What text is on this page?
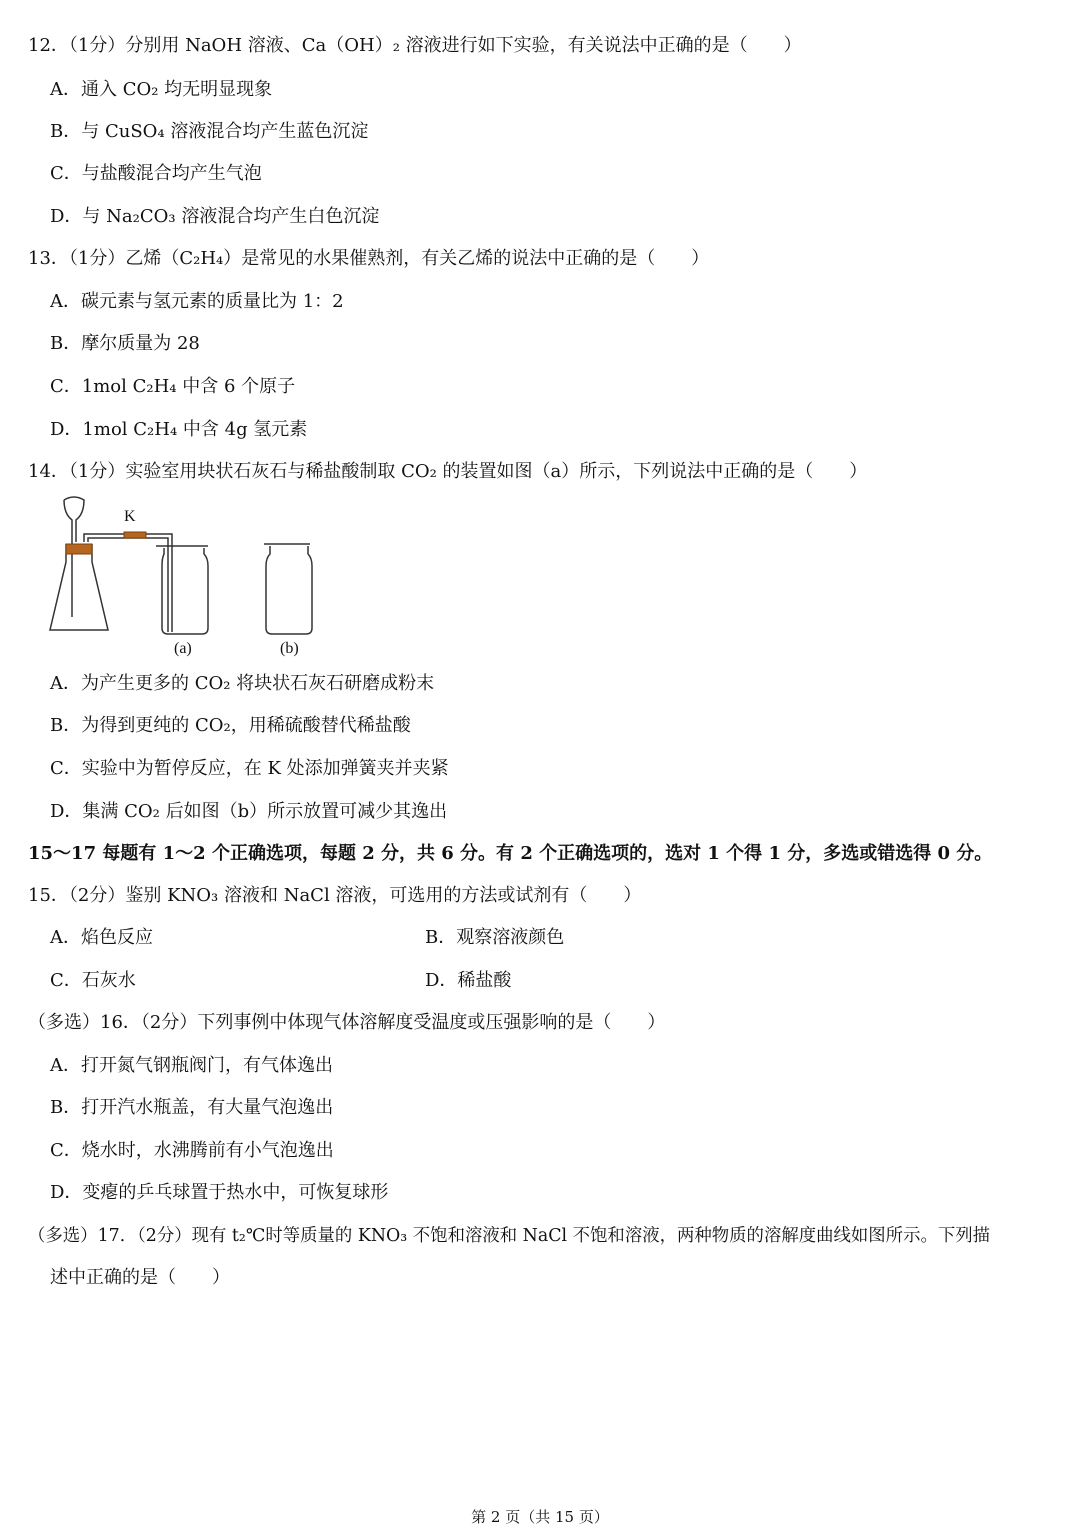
12．（1分）分别用 NaOH 溶液、Ca（OH）₂ 溶液进行如下实验，有关说法中正确的是（　　）
A．通入 CO₂ 均无明显现象
B．与 CuSO₄ 溶液混合均产生蓝色沉淀
C．与盐酸混合均产生气泡
D．与 Na₂CO₃ 溶液混合均产生白色沉淀
13．（1分）乙烯（C₂H₄）是常见的水果催熟剂，有关乙烯的说法中正确的是（　　）
A．碳元素与氢元素的质量比为 1：2
B．摩尔质量为 28
C．1mol C₂H₄ 中含 6 个原子
D．1mol C₂H₄ 中含 4g 氢元素
14．（1分）实验室用块状石灰石与稀盐酸制取 CO₂ 的装置如图（a）所示，下列说法中正确的是（　　）
K
(a)	(b)
A．为产生更多的 CO₂ 将块状石灰石研磨成粉末
B．为得到更纯的 CO₂，用稀硫酸替代稀盐酸
C．实验中为暂停反应，在 K 处添加弹簧夹并夹紧
D．集满 CO₂ 后如图（b）所示放置可减少其逸出
15～17 每题有 1～2 个正确选项，每题 2 分，共 6 分。有 2 个正确选项的，选对 1 个得 1 分，多选或错选得 0 分。
15．（2分）鉴别 KNO₃ 溶液和 NaCl 溶液，可选用的方法或试剂有（　　）
A．焰色反应	B．观察溶液颜色
C．石灰水	D．稀盐酸
（多选）16．（2分）下列事例中体现气体溶解度受温度或压强影响的是（　　）
A．打开氮气钢瓶阀门，有气体逸出
B．打开汽水瓶盖，有大量气泡逸出
C．烧水时，水沸腾前有小气泡逸出
D．变瘪的乒乓球置于热水中，可恢复球形
（多选）17．（2分）现有 t₂℃时等质量的 KNO₃ 不饱和溶液和 NaCl 不饱和溶液，两种物质的溶解度曲线如图所示。下列描
述中正确的是（　　）
第 2 页（共 15 页）
